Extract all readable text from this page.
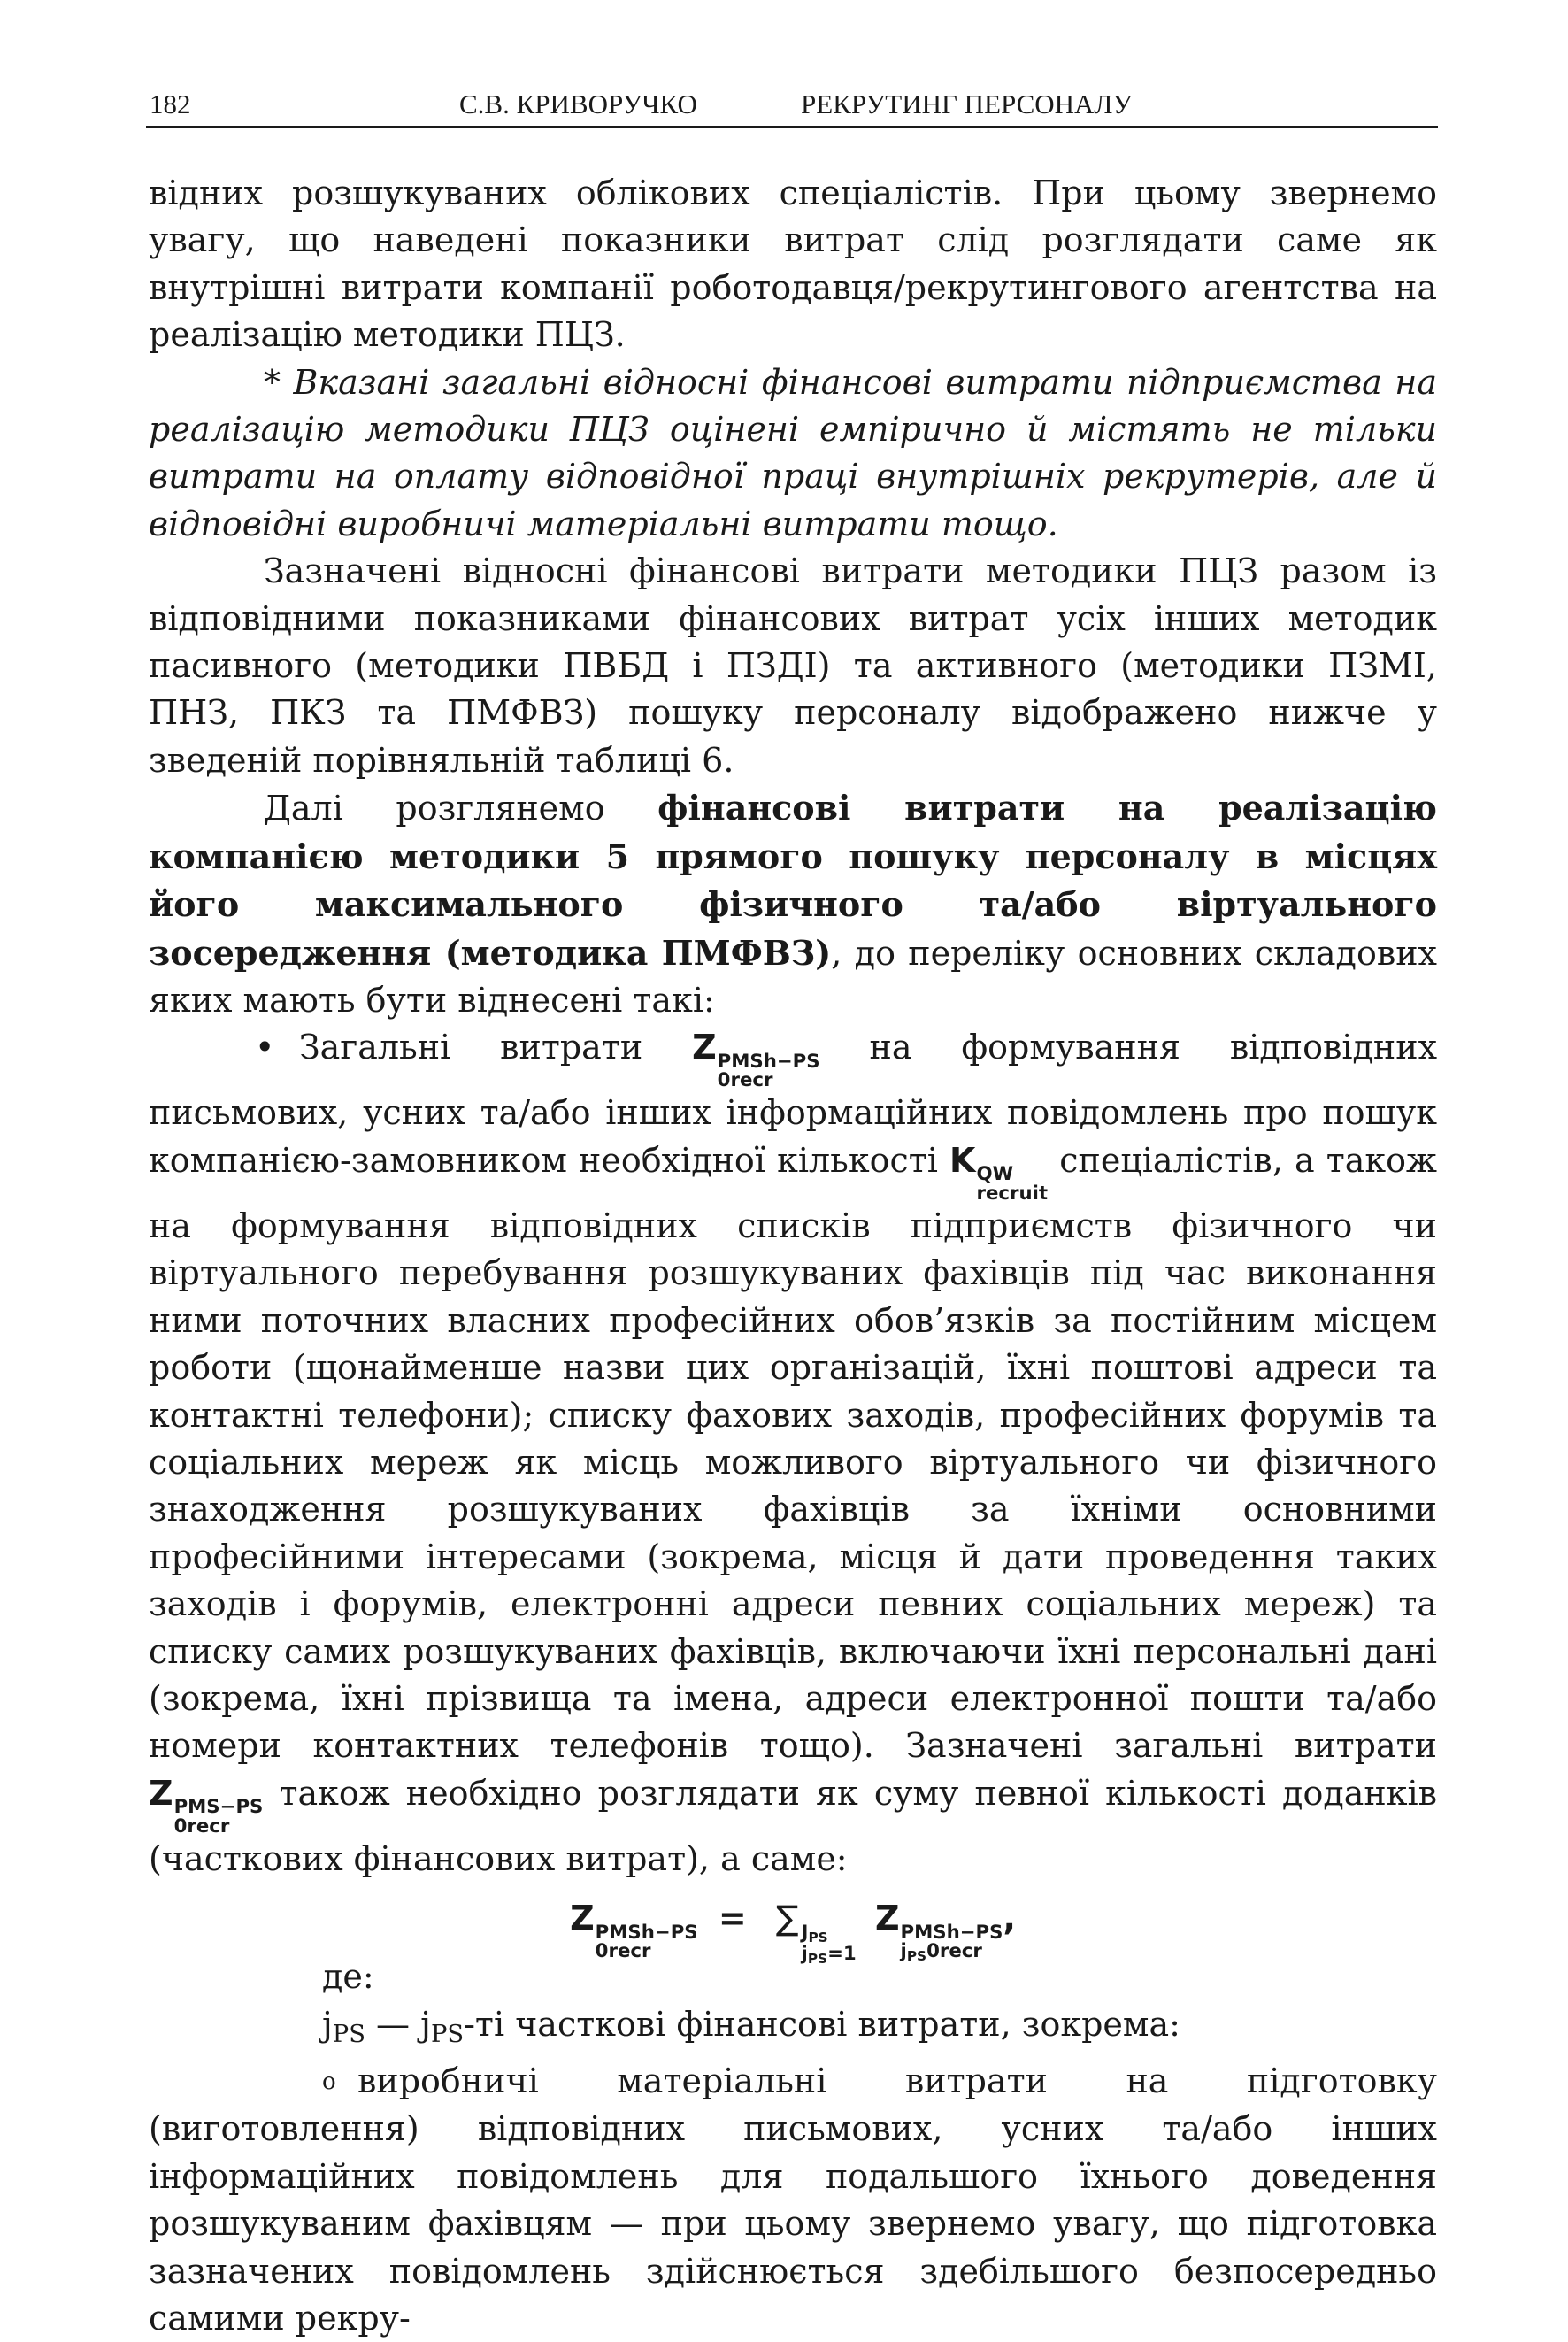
182	С.В. КРИВОРУЧКО	РЕКРУТИНГ ПЕРСОНАЛУ

відних розшукуваних облікових спеціалістів. При цьому звернемо увагу, що наведені показники витрат слід розглядати саме як внутрішні витрати компанії роботодавця/рекрутингового агентства на реалізацію методики ПЦЗ.

* Вказані загальні відносні фінансові витрати підприємства на реалізацію методики ПЦЗ оцінені емпірично й містять не тільки витрати на оплату відповідної праці внутрішніх рекрутерів, але й відповідні виробничі матеріальні витрати тощо.

Зазначені відносні фінансові витрати методики ПЦЗ разом із відповідними показниками фінансових витрат усіх інших методик пасивного (методики ПВБД і ПЗДІ) та активного (методики ПЗМІ, ПНЗ, ПКЗ та ПМФВЗ) пошуку персоналу відображено нижче у зведеній порівняльній таблиці 6.

Далі розглянемо фінансові витрати на реалізацію компанією методики 5 прямого пошуку персоналу в місцях його максимального фізичного та/або віртуального зосередження (методика ПМФВЗ), до переліку основних складових яких мають бути віднесені такі:

• Загальні витрати Z PMSh−PS
0recr
на формування відповідних письмових, усних та/або інших інформаційних повідомлень про пошук компанією-замовником необхідної кількості K QW
recruit
спеціалістів, а також на формування відповідних списків підприємств фізичного чи віртуального перебування розшукуваних фахівців під час виконання ними поточних власних професійних обов’язків за постійним місцем роботи (щонайменше назви цих організацій, їхні поштові адреси та контактні телефони); списку фахових заходів, професійних форумів та соціальних мереж як місць можливого віртуального чи фізичного знаходження розшукуваних фахівців за їхніми основними професійними інтересами (зокрема, місця й дати проведення таких заходів і форумів, електронні адреси певних соціальних мереж) та списку самих розшукуваних фахівців, включаючи їхні персональні дані (зокрема, їхні прізвища та імена, адреси електронної пошти та/або номери контактних телефонів тощо). Зазначені загальні витрати Z PMS−PS
0recr
також необхідно розглядати як суму певної кількості доданків (часткових фінансових витрат), а саме:

Z PMSh−PS
0recr
= ∑ $J_{PS}$
$j_{PS}=1$
Z PMSh−PS
$j_{PS}0recr$
,

де:

$j_{PS}$ — $j_{PS}-ті$ часткові фінансові витрати, зокрема:

o виробничі матеріальні витрати на підготовку (виготовлення) відповідних письмових, усних та/або інших інформаційних повідомлень для подальшого їхнього доведення розшукуваним фахівцям — при цьому звернемо увагу, що підготовка зазначених повідомлень здійснюється здебільшого безпосередньо самими рекру-
